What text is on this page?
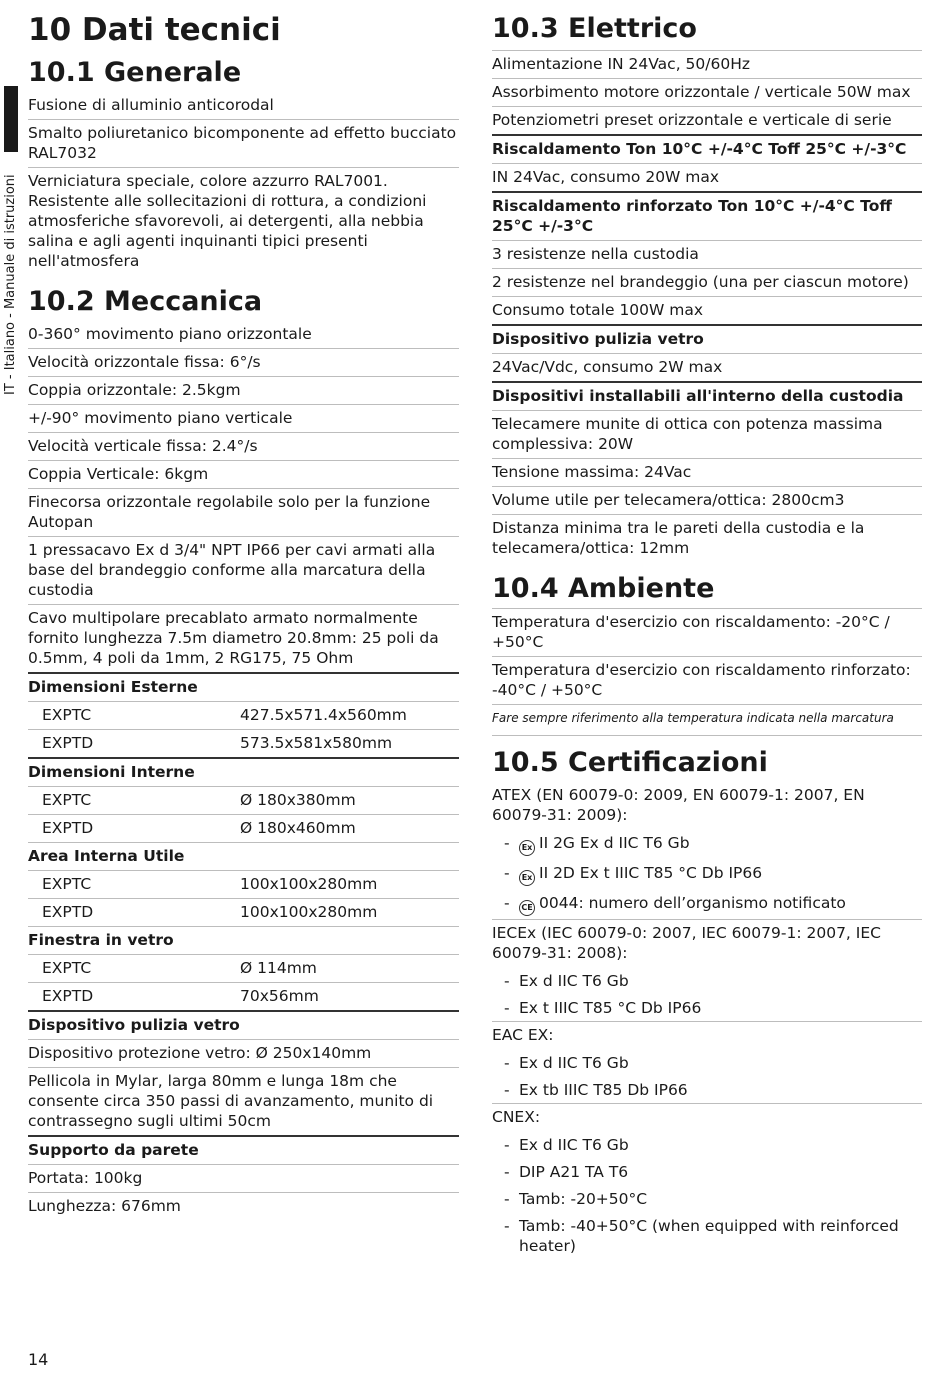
IT - Italiano - Manuale di istruzioni
10 Dati tecnici
10.1 Generale
Fusione di alluminio anticorodal
Smalto poliuretanico bicomponente ad effetto bucciato RAL7032
Verniciatura speciale, colore azzurro RAL7001. Resistente alle sollecitazioni di rottura, a condizioni atmosferiche sfavorevoli, ai detergenti, alla nebbia salina e agli agenti inquinanti tipici presenti nell'atmosfera
10.2 Meccanica
0-360° movimento piano orizzontale
Velocità orizzontale fissa: 6°/s
Coppia orizzontale: 2.5kgm
+/-90° movimento piano verticale
Velocità verticale fissa: 2.4°/s
Coppia Verticale: 6kgm
Finecorsa orizzontale regolabile solo per la funzione Autopan
1 pressacavo Ex d 3/4" NPT IP66 per cavi armati alla base del brandeggio conforme alla marcatura della custodia
Cavo multipolare precablato armato normalmente fornito lunghezza 7.5m diametro 20.8mm: 25 poli da 0.5mm, 4 poli da 1mm, 2 RG175, 75 Ohm
Dimensioni Esterne
EXPTC	427.5x571.4x560mm
EXPTD	573.5x581x580mm
Dimensioni Interne
EXPTC	Ø 180x380mm
EXPTD	Ø 180x460mm
Area Interna Utile
EXPTC	100x100x280mm
EXPTD	100x100x280mm
Finestra in vetro
EXPTC	Ø 114mm
EXPTD	70x56mm
Dispositivo pulizia vetro
Dispositivo protezione vetro: Ø 250x140mm
Pellicola in Mylar, larga 80mm e lunga 18m che consente circa 350 passi di avanzamento, munito di contrassegno sugli ultimi 50cm
Supporto da parete
Portata: 100kg
Lunghezza: 676mm
10.3 Elettrico
Alimentazione IN 24Vac, 50/60Hz
Assorbimento motore orizzontale / verticale 50W max
Potenziometri preset orizzontale e verticale di serie
Riscaldamento Ton 10°C +/-4°C Toff 25°C +/-3°C
IN 24Vac, consumo 20W max
Riscaldamento rinforzato Ton 10°C +/-4°C Toff 25°C +/-3°C
3 resistenze nella custodia
2 resistenze nel brandeggio (una per ciascun motore)
Consumo totale 100W max
Dispositivo pulizia vetro
24Vac/Vdc, consumo 2W max
Dispositivi installabili all'interno della custodia
Telecamere munite di ottica con potenza massima complessiva: 20W
Tensione massima: 24Vac
Volume utile per telecamera/ottica: 2800cm3
Distanza minima tra le pareti della custodia e la telecamera/ottica: 12mm
10.4 Ambiente
Temperatura d'esercizio con riscaldamento: -20°C / +50°C
Temperatura d'esercizio con riscaldamento rinforzato: -40°C / +50°C
Fare sempre riferimento alla temperatura indicata nella marcatura
10.5 Certificazioni
ATEX (EN 60079-0: 2009, EN 60079-1: 2007, EN 60079-31: 2009):
-	Ex II 2G Ex d IIC T6 Gb
-	Ex II 2D Ex t IIIC T85 °C Db IP66
-	CE 0044: numero dell’organismo notificato
IECEx (IEC 60079-0: 2007, IEC 60079-1: 2007, IEC 60079-31: 2008):
- Ex d IIC T6 Gb
- Ex t IIIC T85 °C Db IP66
EAC EX:
- Ex d IIC T6 Gb
- Ex tb IIIC T85 Db IP66
CNEX:
- Ex d IIC T6 Gb
- DIP A21 TA T6
- Tamb: -20+50°C
- Tamb: -40+50°C (when equipped with reinforced heater)
14
